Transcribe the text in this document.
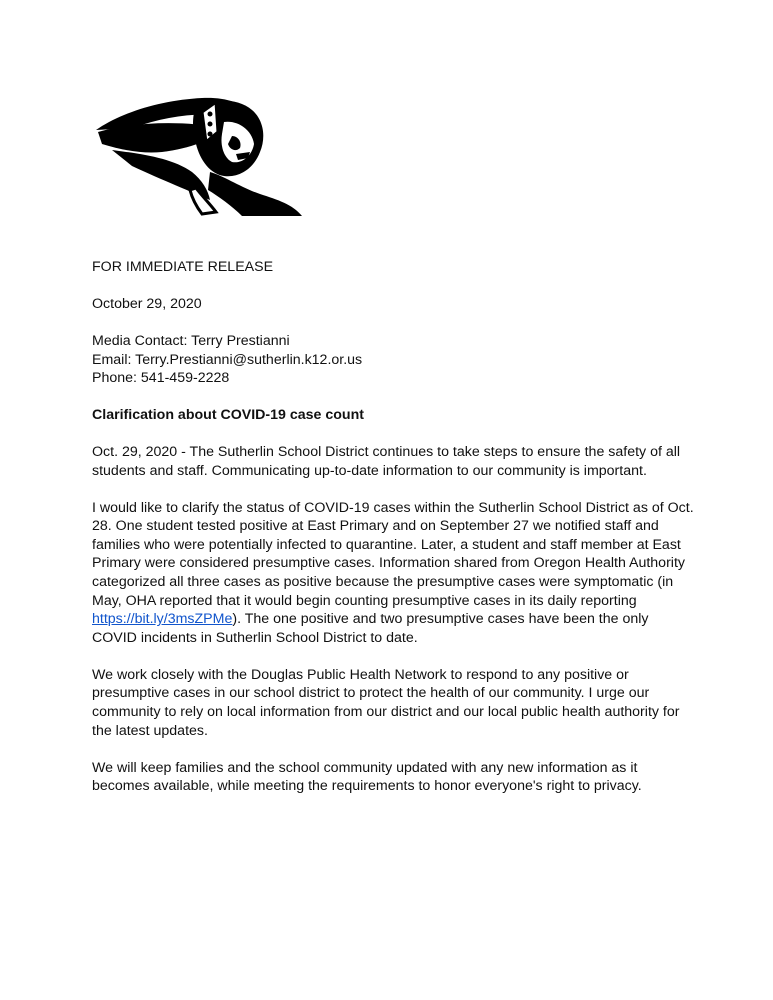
FOR IMMEDIATE RELEASE

October 29, 2020

Media Contact: Terry Prestianni

Email: Terry.Prestianni@sutherlin.k12.or.us

Phone: 541-459-2228

Clarification about COVID-19 case count

Oct. 29, 2020 - The Sutherlin School District continues to take steps to ensure the safety of all

students and staff. Communicating up-to-date information to our community is important.

I would like to clarify the status of COVID-19 cases within the Sutherlin School District as of Oct.

28. One student tested positive at East Primary and on September 27 we notified staff and

families who were potentially infected to quarantine. Later, a student and staff member at East

Primary were considered presumptive cases. Information shared from Oregon Health Authority

categorized all three cases as positive because the presumptive cases were symptomatic (in

May, OHA reported that it would begin counting presumptive cases in its daily reporting

https://bit.ly/3msZPMe). The one positive and two presumptive cases have been the only

COVID incidents in Sutherlin School District to date.

We work closely with the Douglas Public Health Network to respond to any positive or

presumptive cases in our school district to protect the health of our community. I urge our

community to rely on local information from our district and our local public health authority for

the latest updates.

We will keep families and the school community updated with any new information as it

becomes available, while meeting the requirements to honor everyone's right to privacy.
